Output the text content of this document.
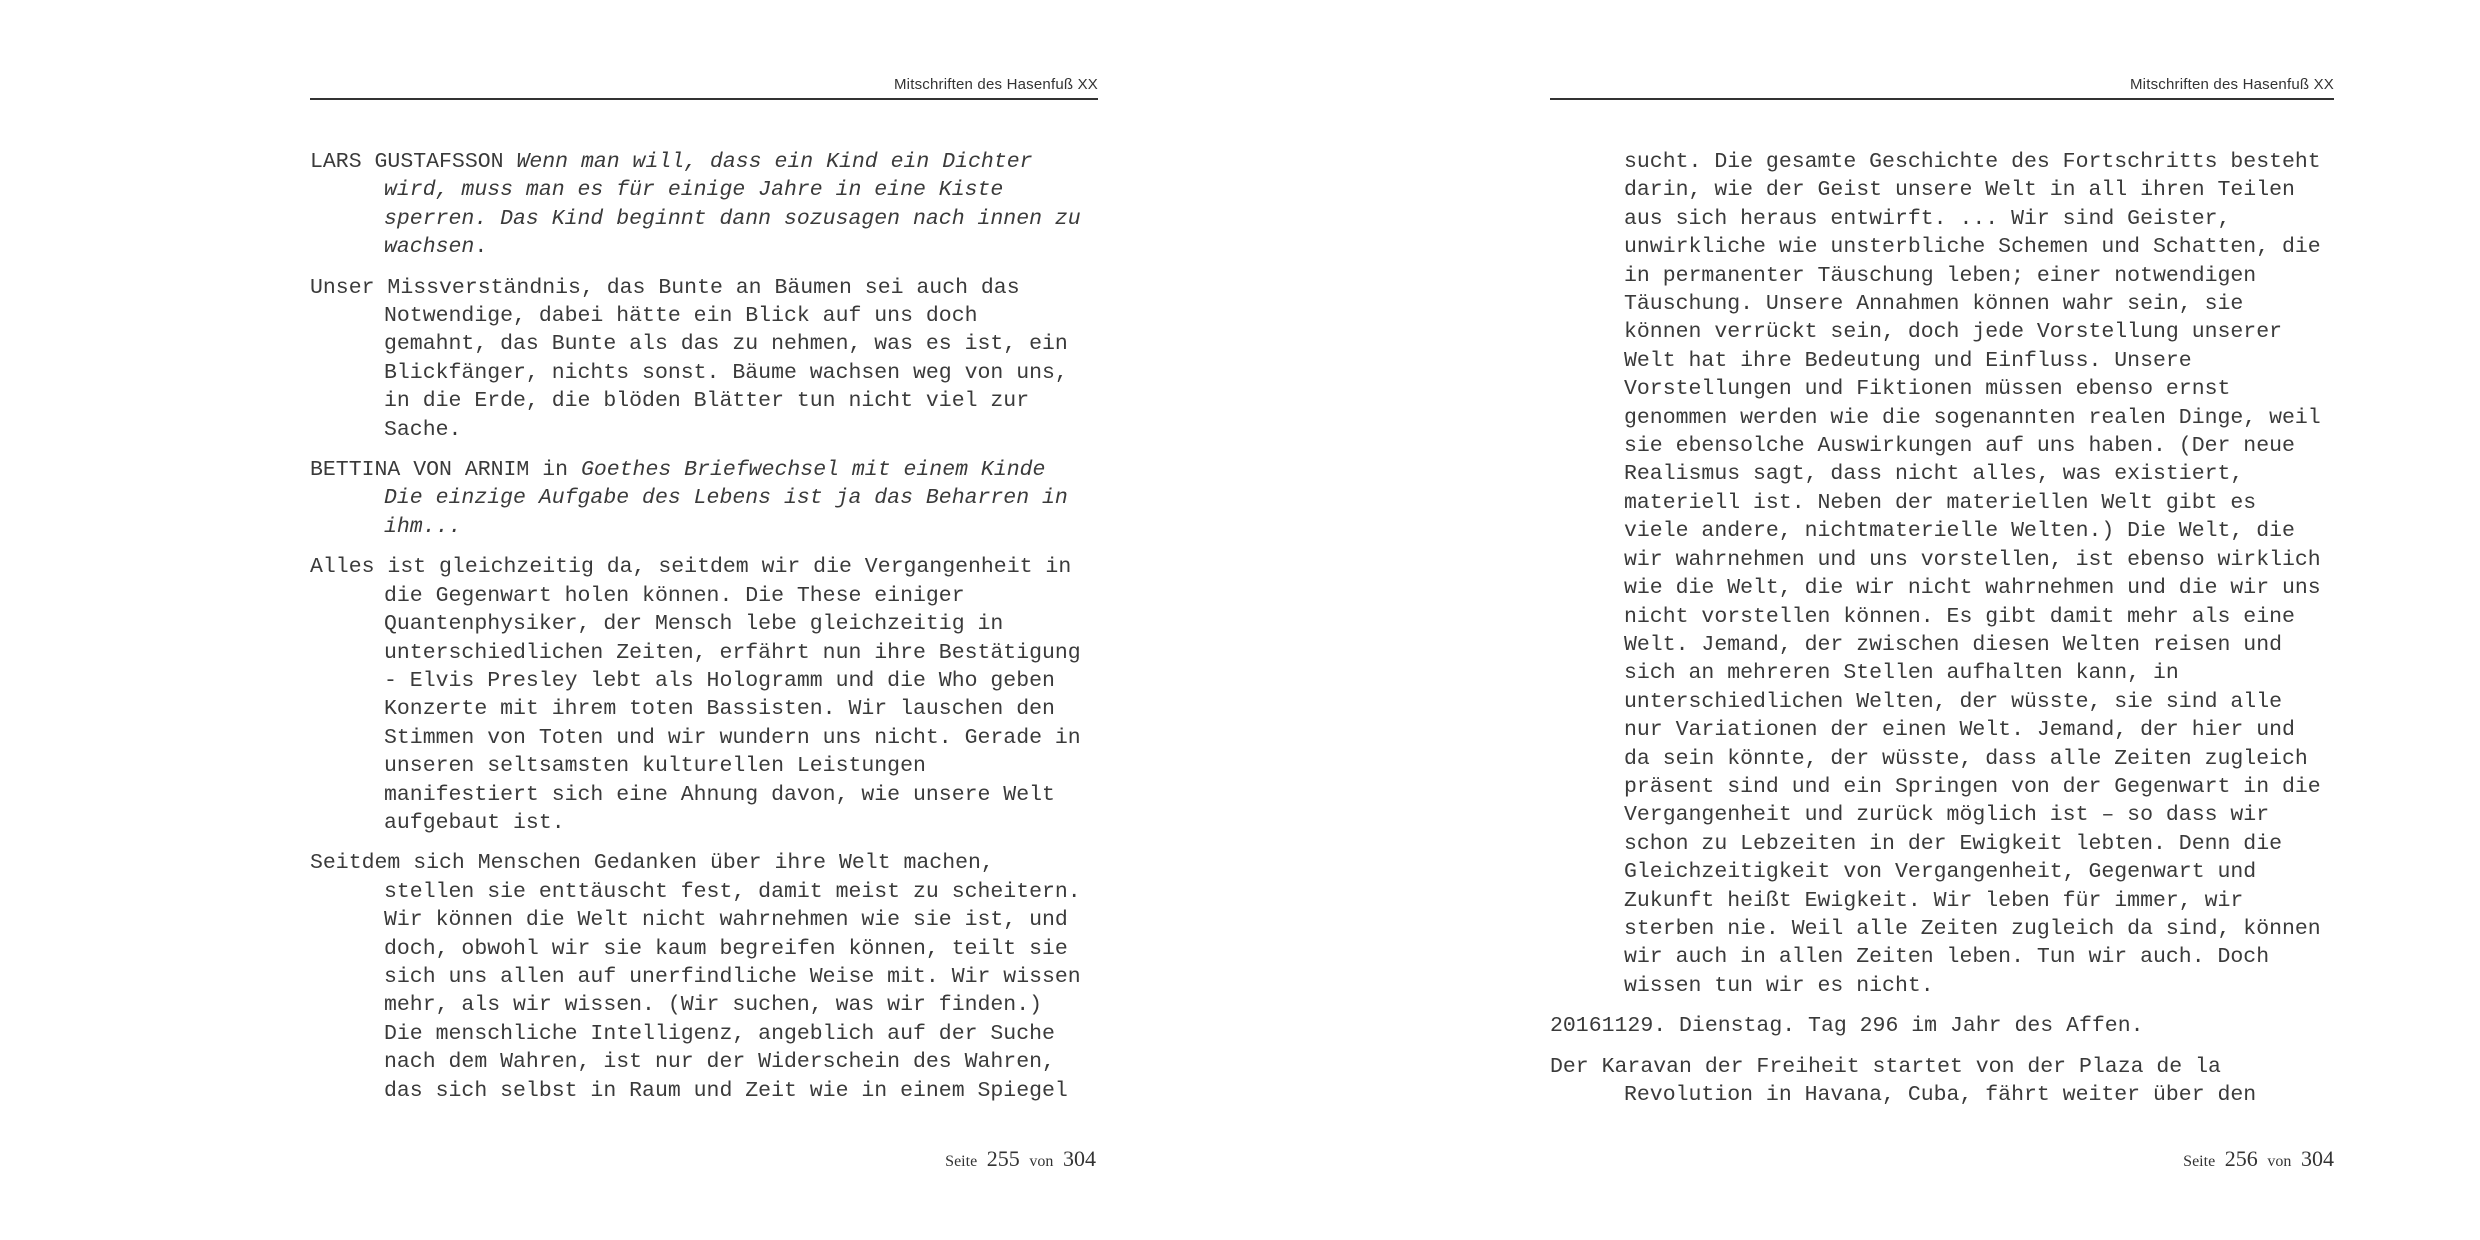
Mitschriften des Hasenfuß XX
LARS GUSTAFSSON Wenn man will, dass ein Kind ein Dichter
wird, muss man es für einige Jahre in eine Kiste
sperren. Das Kind beginnt dann sozusagen nach innen zu
wachsen.
Unser Missverständnis, das Bunte an Bäumen sei auch das
Notwendige, dabei hätte ein Blick auf uns doch
gemahnt, das Bunte als das zu nehmen, was es ist, ein
Blickfänger, nichts sonst. Bäume wachsen weg von uns,
in die Erde, die blöden Blätter tun nicht viel zur
Sache.
BETTINA VON ARNIM in Goethes Briefwechsel mit einem Kinde
Die einzige Aufgabe des Lebens ist ja das Beharren in
ihm...
Alles ist gleichzeitig da, seitdem wir die Vergangenheit in
die Gegenwart holen können. Die These einiger
Quantenphysiker, der Mensch lebe gleichzeitig in
unterschiedlichen Zeiten, erfährt nun ihre Bestätigung
- Elvis Presley lebt als Hologramm und die Who geben
Konzerte mit ihrem toten Bassisten. Wir lauschen den
Stimmen von Toten und wir wundern uns nicht. Gerade in
unseren seltsamsten kulturellen Leistungen
manifestiert sich eine Ahnung davon, wie unsere Welt
aufgebaut ist.
Seitdem sich Menschen Gedanken über ihre Welt machen,
stellen sie enttäuscht fest, damit meist zu scheitern.
Wir können die Welt nicht wahrnehmen wie sie ist, und
doch, obwohl wir sie kaum begreifen können, teilt sie
sich uns allen auf unerfindliche Weise mit. Wir wissen
mehr, als wir wissen. (Wir suchen, was wir finden.)
Die menschliche Intelligenz, angeblich auf der Suche
nach dem Wahren, ist nur der Widerschein des Wahren,
das sich selbst in Raum und Zeit wie in einem Spiegel
Seite 255 von 304
Mitschriften des Hasenfuß XX
sucht. Die gesamte Geschichte des Fortschritts besteht
darin, wie der Geist unsere Welt in all ihren Teilen
aus sich heraus entwirft. ... Wir sind Geister,
unwirkliche wie unsterbliche Schemen und Schatten, die
in permanenter Täuschung leben; einer notwendigen
Täuschung. Unsere Annahmen können wahr sein, sie
können verrückt sein, doch jede Vorstellung unserer
Welt hat ihre Bedeutung und Einfluss. Unsere
Vorstellungen und Fiktionen müssen ebenso ernst
genommen werden wie die sogenannten realen Dinge, weil
sie ebensolche Auswirkungen auf uns haben. (Der neue
Realismus sagt, dass nicht alles, was existiert,
materiell ist. Neben der materiellen Welt gibt es
viele andere, nichtmaterielle Welten.) Die Welt, die
wir wahrnehmen und uns vorstellen, ist ebenso wirklich
wie die Welt, die wir nicht wahrnehmen und die wir uns
nicht vorstellen können. Es gibt damit mehr als eine
Welt. Jemand, der zwischen diesen Welten reisen und
sich an mehreren Stellen aufhalten kann, in
unterschiedlichen Welten, der wüsste, sie sind alle
nur Variationen der einen Welt. Jemand, der hier und
da sein könnte, der wüsste, dass alle Zeiten zugleich
präsent sind und ein Springen von der Gegenwart in die
Vergangenheit und zurück möglich ist – so dass wir
schon zu Lebzeiten in der Ewigkeit lebten. Denn die
Gleichzeitigkeit von Vergangenheit, Gegenwart und
Zukunft heißt Ewigkeit. Wir leben für immer, wir
sterben nie. Weil alle Zeiten zugleich da sind, können
wir auch in allen Zeiten leben. Tun wir auch. Doch
wissen tun wir es nicht.
20161129. Dienstag. Tag 296 im Jahr des Affen.
Der Karavan der Freiheit startet von der Plaza de la
Revolution in Havana, Cuba, fährt weiter über den
Seite 256 von 304
